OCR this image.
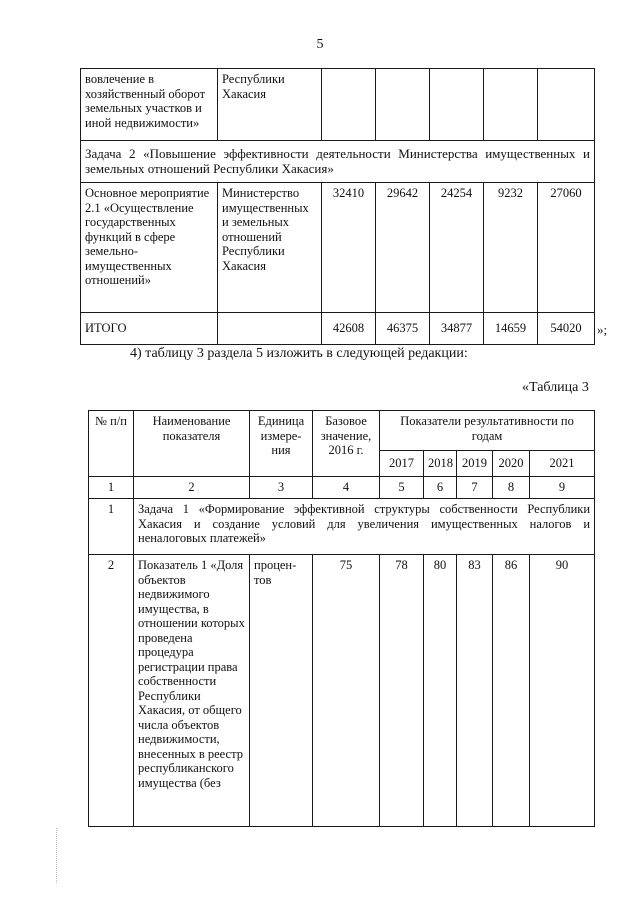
5
вовлечение в хозяйственный оборот земельных участков и иной недвижимости»	Республики Хакасия					
Задача 2 «Повышение эффективности деятельности Министерства имущественных и земельных отношений Республики Хакасия»						
Основное мероприятие 2.1 «Осуществление государственных функций в сфере земельно-имущественных отношений»	Министерство имущественных и земельных отношений Республики Хакасия	32410	29642	24254	9232	27060
ИТОГО		42608	46375	34877	14659	54020 »;
4) таблицу 3 раздела 5 изложить в следующей редакции:
«Таблица 3
№ п/п	Наименование показателя	Единица измере-ния	Базовое значение, 2016 г.	Показатели результативности по годам				
				2017	2018	2019	2020	2021
1	2	3	4	5	6	7	8	9
1	Задача 1 «Формирование эффективной структуры собственности Республики Хакасия и создание условий для увеличения имущественных налогов и неналоговых платежей»							
2	Показатель 1 «Доля объектов недвижимого имущества, в отношении которых проведена процедура регистрации права собственности Республики Хакасия, от общего числа объектов недвижимости, внесенных в реестр республиканского имущества (без	процен-тов	75	78	80	83	86	90
